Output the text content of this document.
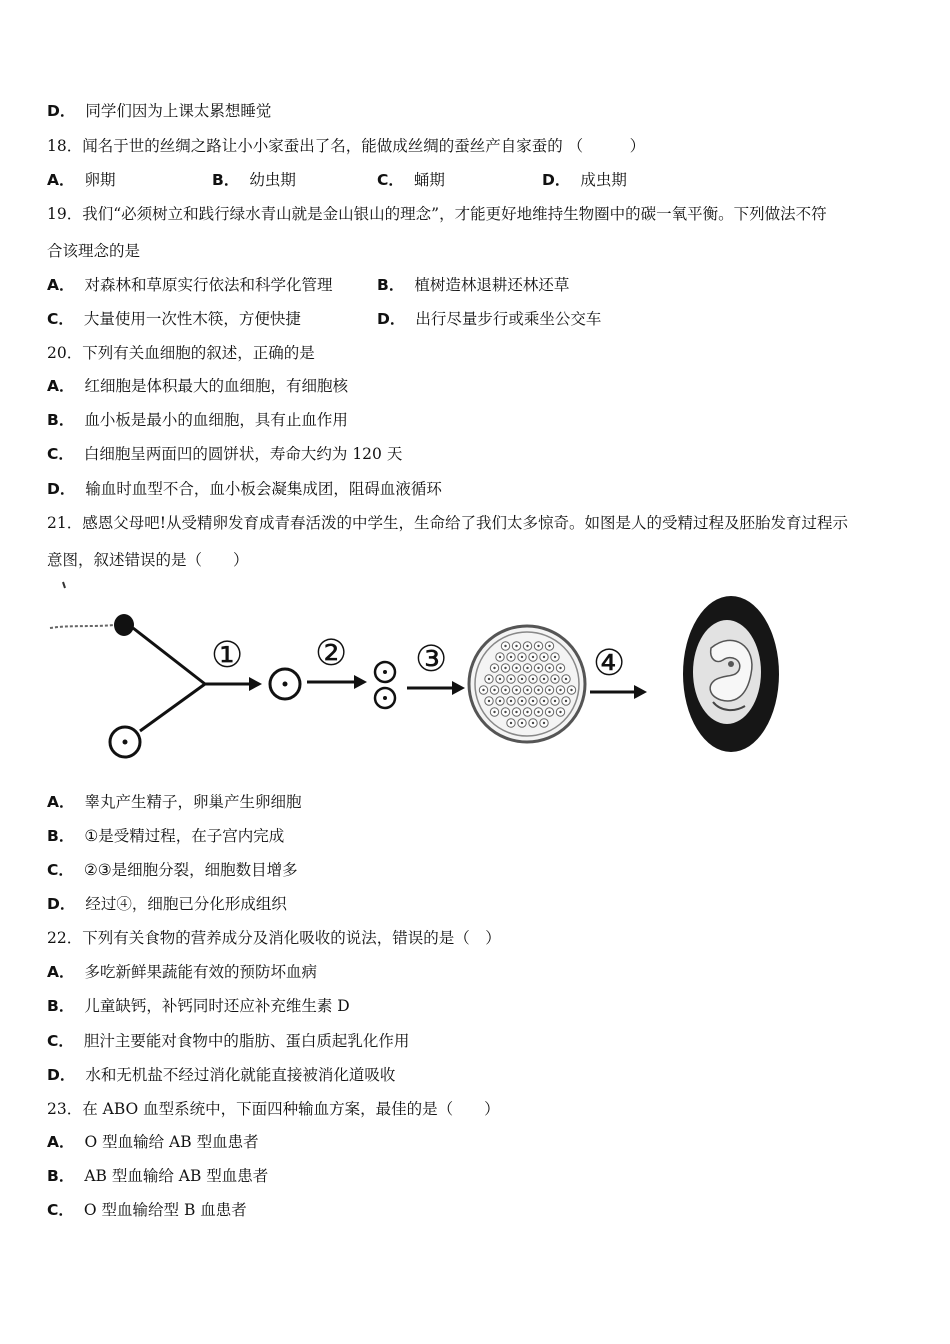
D． 同学们因为上课太累想睡觉
18．闻名于世的丝绸之路让小小家蚕出了名，能做成丝绸的蚕丝产自家蚕的 （　　　）
A． 卵期	B． 幼虫期	C． 蛹期	D． 成虫期
19．我们“必须树立和践行绿水青山就是金山银山的理念”，才能更好地维持生物圈中的碳一氧平衡。下列做法不符
合该理念的是
A． 对森林和草原实行依法和科学化管理	B． 植树造林退耕还林还草
C． 大量使用一次性木筷，方便快捷	D． 出行尽量步行或乘坐公交车
20．下列有关血细胞的叙述，正确的是
A． 红细胞是体积最大的血细胞，有细胞核
B． 血小板是最小的血细胞，具有止血作用
C． 白细胞呈两面凹的圆饼状，寿命大约为 120 天
D． 输血时血型不合，血小板会凝集成团，阻碍血液循环
21．感恩父母吧!从受精卵发育成青春活泼的中学生，生命给了我们太多惊奇。如图是人的受精过程及胚胎发育过程示
意图，叙述错误的是（　　）
① ② ③	④
A． 睾丸产生精子，卵巢产生卵细胞
B． ①是受精过程，在子宫内完成
C． ②③是细胞分裂，细胞数目增多
D． 经过④，细胞已分化形成组织
22．下列有关食物的营养成分及消化吸收的说法，错误的是（　）
A． 多吃新鲜果蔬能有效的预防坏血病
B． 儿童缺钙，补钙同时还应补充维生素 D
C． 胆汁主要能对食物中的脂肪、蛋白质起乳化作用
D． 水和无机盐不经过消化就能直接被消化道吸收
23．在 ABO 血型系统中，下面四种输血方案，最佳的是（　　）
A． O 型血输给 AB 型血患者
B． AB 型血输给 AB 型血患者
C． O 型血输给型 B 血患者
